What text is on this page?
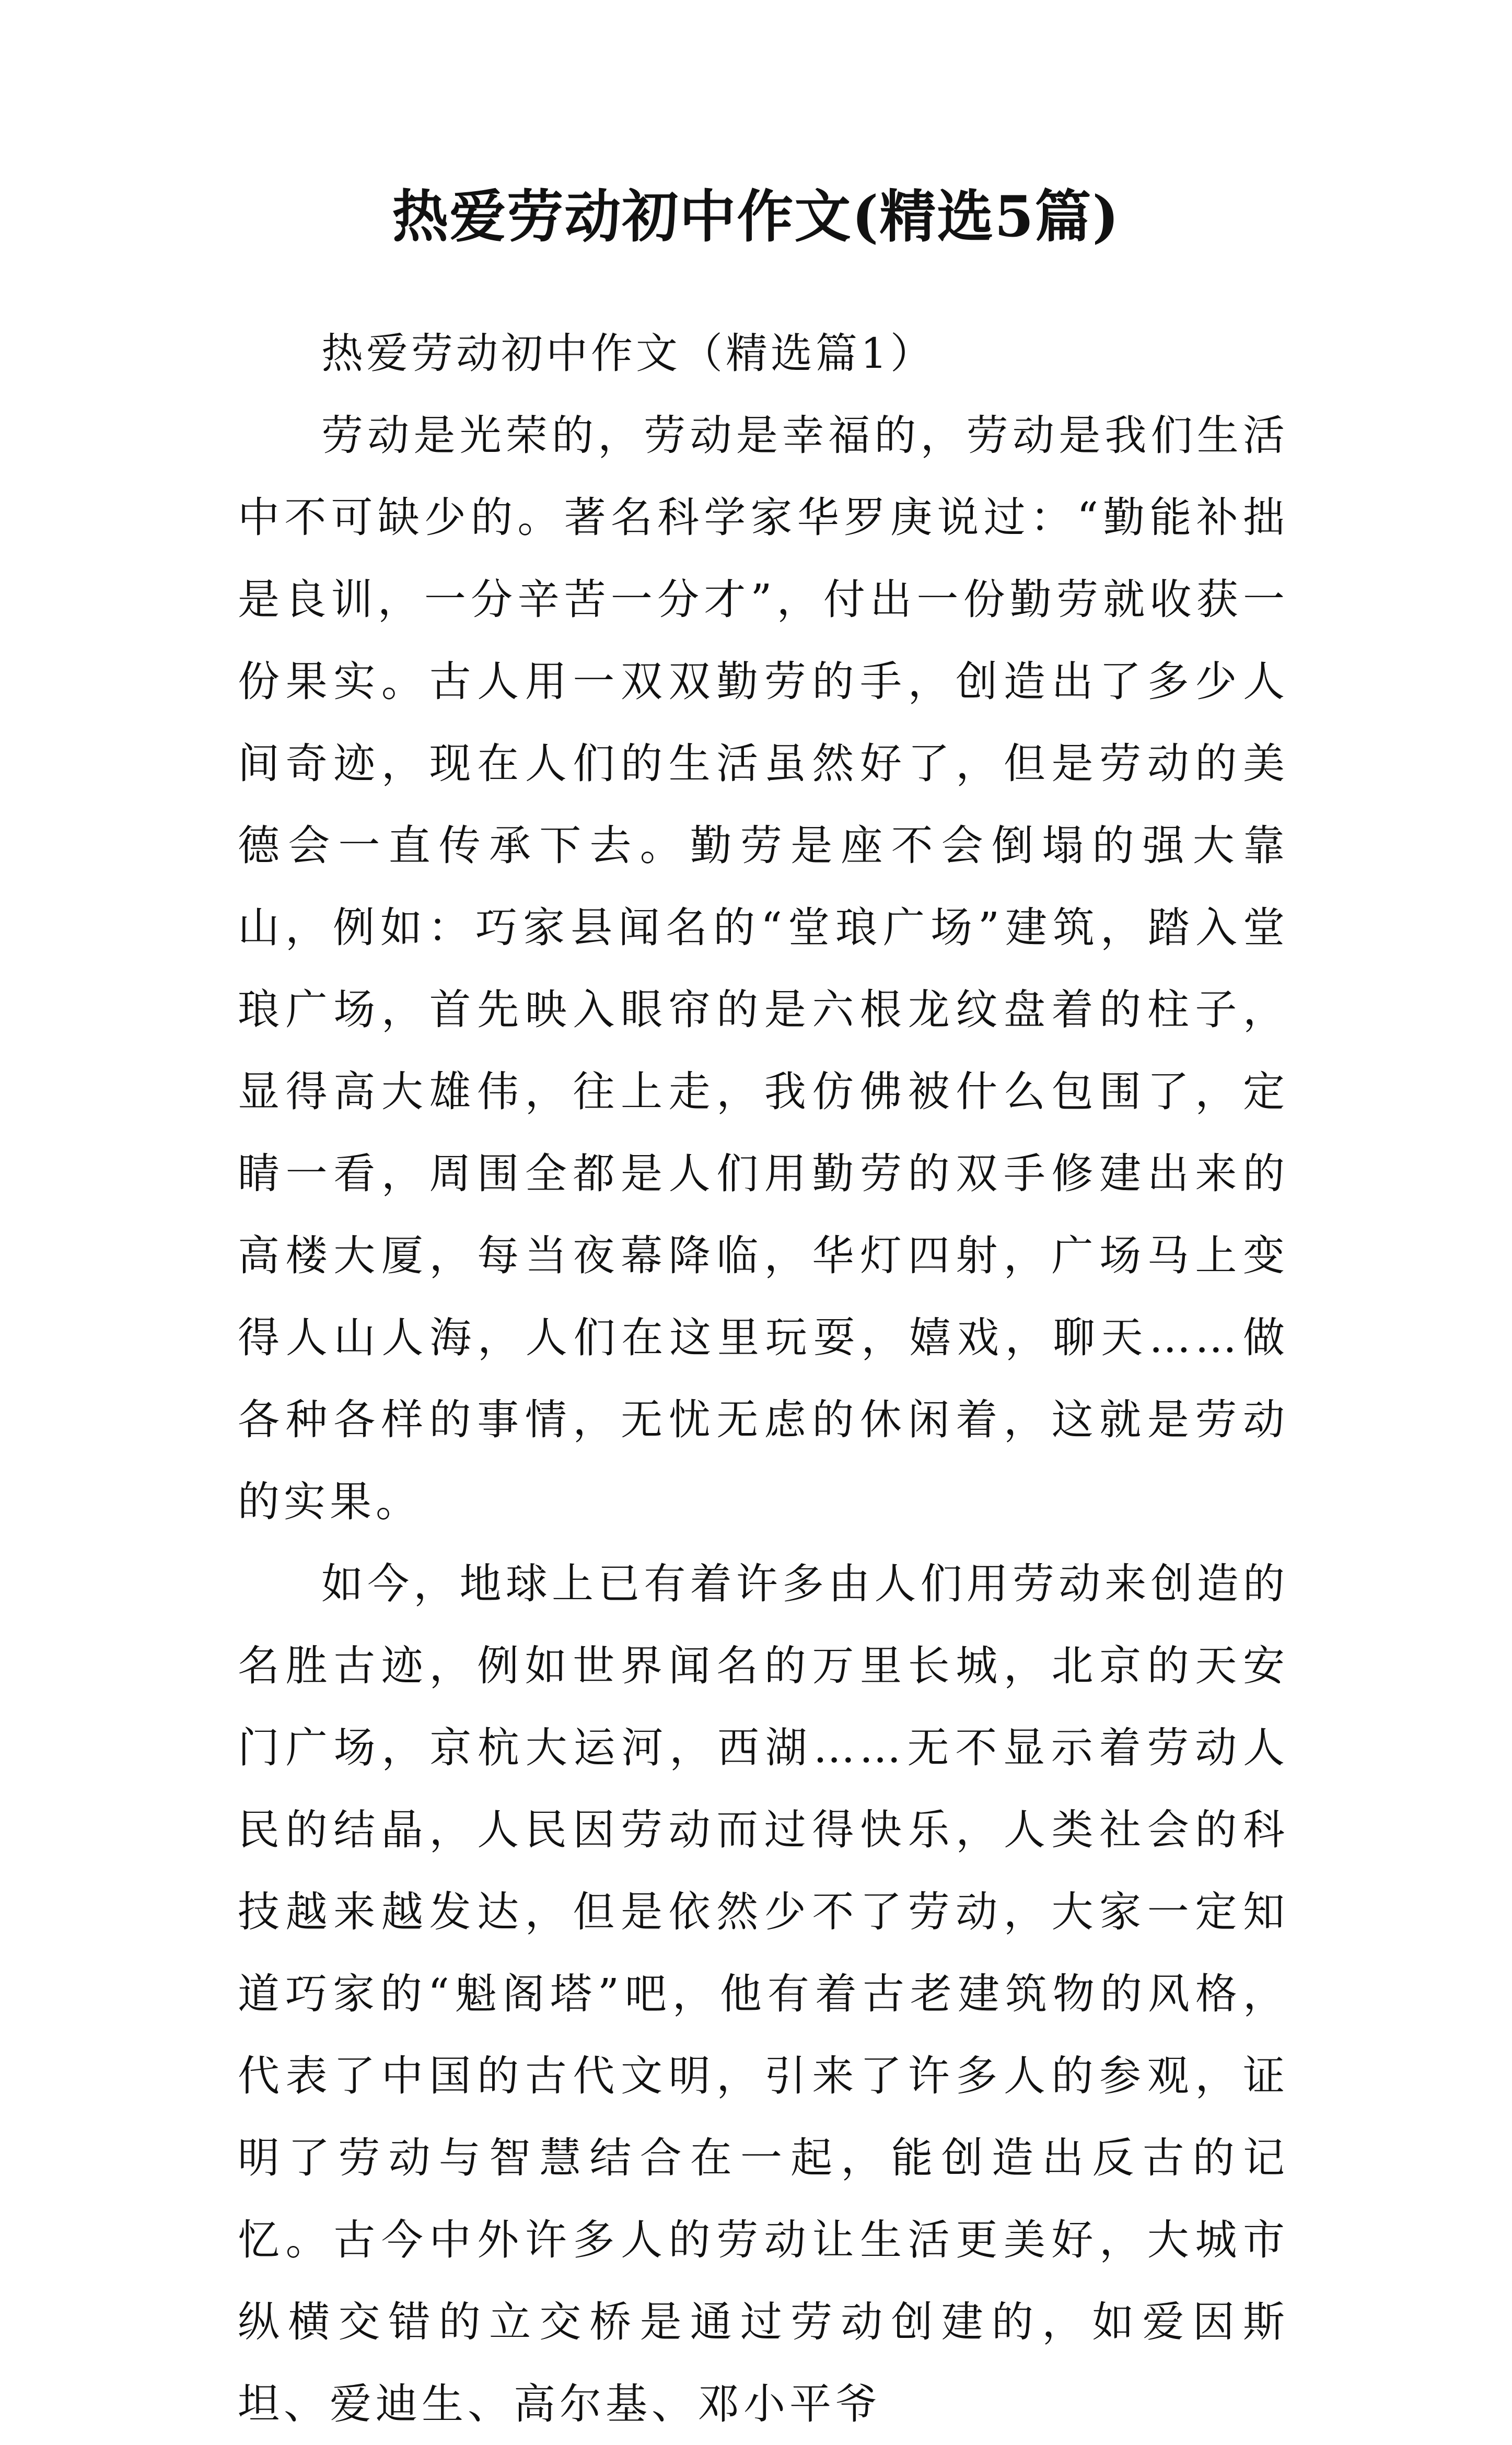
热爱劳动初中作文(精选5篇)

热爱劳动初中作文（精选篇1）

劳动是光荣的，劳动是幸福的，劳动是我们生活中不可缺少的。著名科学家华罗庚说过：“勤能补拙是良训，一分辛苦一分才”，付出一份勤劳就收获一份果实。古人用一双双勤劳的手，创造出了多少人间奇迹，现在人们的生活虽然好了，但是劳动的美德会一直传承下去。勤劳是座不会倒塌的强大靠山，例如：巧家县闻名的“堂琅广场”建筑，踏入堂琅广场，首先映入眼帘的是六根龙纹盘着的柱子，显得高大雄伟，往上走，我仿佛被什么包围了，定睛一看，周围全都是人们用勤劳的双手修建出来的高楼大厦，每当夜幕降临，华灯四射，广场马上变得人山人海，人们在这里玩耍，嬉戏，聊天……做各种各样的事情，无忧无虑的休闲着，这就是劳动的实果。

如今，地球上已有着许多由人们用劳动来创造的名胜古迹，例如世界闻名的万里长城，北京的天安门广场，京杭大运河，西湖……无不显示着劳动人民的结晶，人民因劳动而过得快乐，人类社会的科技越来越发达，但是依然少不了劳动，大家一定知道巧家的“魁阁塔”吧，他有着古老建筑物的风格，代表了中国的古代文明，引来了许多人的参观，证明了劳动与智慧结合在一起，能创造出反古的记忆。古今中外许多人的劳动让生活更美好，大城市纵横交错的立交桥是通过劳动创建的，如爱因斯坦、爱迪生、高尔基、邓小平爷
